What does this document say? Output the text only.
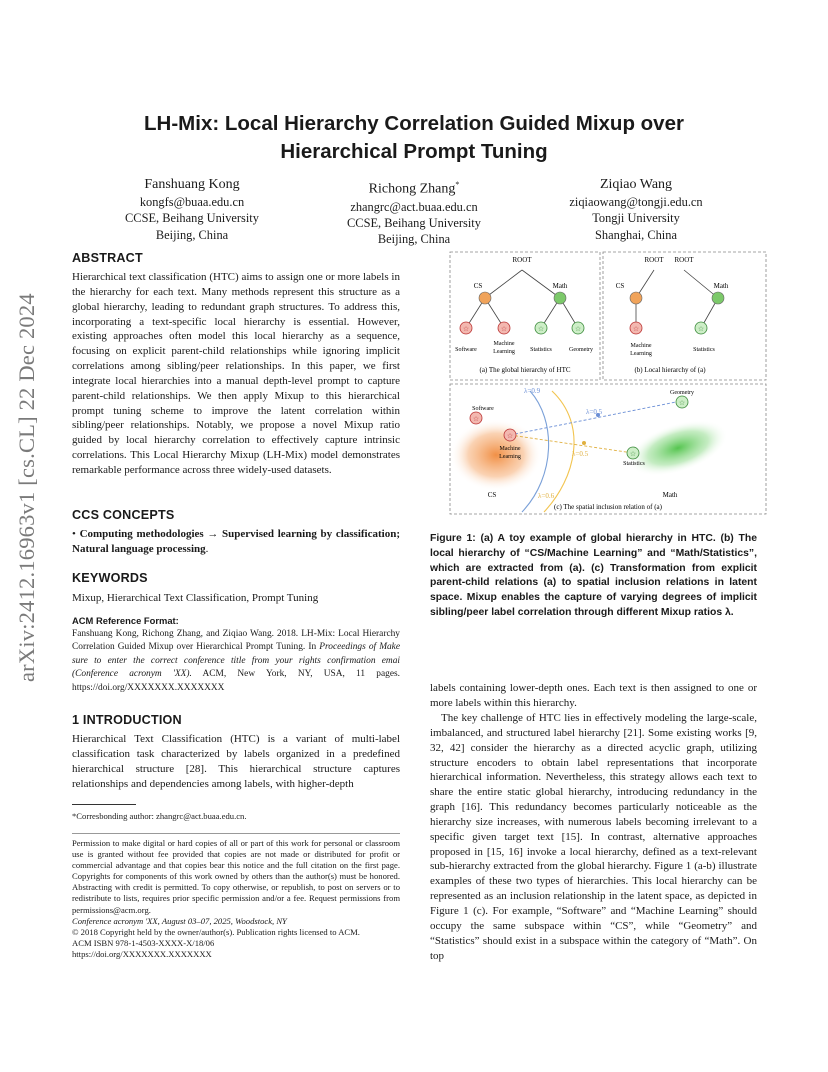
arXiv:2412.16963v1 [cs.CL] 22 Dec 2024
LH-Mix: Local Hierarchy Correlation Guided Mixup over
Hierarchical Prompt Tuning
Fanshuang Kong
kongfs@buaa.edu.cn
CCSE, Beihang University
Beijing, China
Richong Zhang*
zhangrc@act.buaa.edu.cn
CCSE, Beihang University
Beijing, China
Ziqiao Wang
ziqiaowang@tongji.edu.cn
Tongji University
Shanghai, China
ABSTRACT

Hierarchical text classification (HTC) aims to assign one or more labels in the hierarchy for each text. Many methods represent this structure as a global hierarchy, leading to redundant graph structures. To address this, incorporating a text-specific local hierarchy is essential. However, existing approaches often model this local hierarchy as a sequence, focusing on explicit parent-child relationships while ignoring implicit correlations among sibling/peer relationships. In this paper, we first integrate local hierarchies into a manual depth-level prompt to capture parent-child relationships. We then apply Mixup to this hierarchical prompt tuning scheme to improve the latent correlation within sibling/peer relationships. Notably, we propose a novel Mixup ratio guided by local hierarchy correlation to effectively capture intrinsic correlations. This Local Hierarchy Mixup (LH-Mix) model demonstrates remarkable performance across three widely-used datasets.

CCS CONCEPTS

• Computing methodologies → Supervised learning by classification; Natural language processing.

KEYWORDS

Mixup, Hierarchical Text Classification, Prompt Tuning

ACM Reference Format:

Fanshuang Kong, Richong Zhang, and Ziqiao Wang. 2018. LH-Mix: Local Hierarchy Correlation Guided Mixup over Hierarchical Prompt Tuning. In Proceedings of Make sure to enter the correct conference title from your rights confirmation emai (Conference acronym 'XX). ACM, New York, NY, USA, 11 pages. https://doi.org/XXXXXXX.XXXXXXX

1 INTRODUCTION

Hierarchical Text Classification (HTC) is a variant of multi-label classification task characterized by labels organized in a predefined hierarchical structure [28]. This hierarchical structure captures relationships and dependencies among labels, with higher-depth

*Corresbonding author: zhangrc@act.buaa.edu.cn.

Permission to make digital or hard copies of all or part of this work for personal or classroom use is granted without fee provided that copies are not made or distributed for profit or commercial advantage and that copies bear this notice and the full citation on the first page. Copyrights for components of this work owned by others than the author(s) must be honored. Abstracting with credit is permitted. To copy otherwise, or republish, to post on servers or to redistribute to lists, requires prior specific permission and/or a fee. Request permissions from permissions@acm.org.

Conference acronym 'XX, August 03–07, 2025, Woodstock, NY
© 2018 Copyright held by the owner/author(s). Publication rights licensed to ACM.
ACM ISBN 978-1-4503-XXXX-X/18/06
https://doi.org/XXXXXXX.XXXXXXX
☆	☆	☆	☆
ROOT
CS	Math
Software
Machine
Learning	Statistics	Geometry
(a) The global hierarchy of HTC
☆	☆
ROOT ROOT
CS	Math
Machine
Learning
Statistics
(b) Local hierarchy of (a)
☆
☆
☆
☆
Software
Machine
Learning
Geometry
Statistics
λ=0.9
λ=0.5
λ=0.5
λ=0.6
CS	Math
(c) The spatial inclusion relation of (a)

Figure 1: (a) A toy example of global hierarchy in HTC. (b) The local hierarchy of “CS/Machine Learning” and “Math/Statistics”, which are extracted from (a). (c) Transformation from explicit parent-child relations (a) to spatial inclusion relations in latent space. Mixup enables the capture of varying degrees of implicit sibling/peer label correlation through different Mixup ratios λ.

labels containing lower-depth ones. Each text is then assigned to one or more labels within this hierarchy.

The key challenge of HTC lies in effectively modeling the large-scale, imbalanced, and structured label hierarchy [21]. Some existing works [9, 32, 42] consider the hierarchy as a directed acyclic graph, utilizing structure encoders to obtain label representations that incorporate hierarchical information. Nevertheless, this strategy allows each text to share the entire static global hierarchy, introducing redundancy in the graph [16]. This redundancy becomes particularly noticeable as the hierarchy size increases, with numerous labels becoming irrelevant to a specific given target text [15]. In contrast, alternative approaches proposed in [15, 16] invoke a local hierarchy, defined as a text-relevant sub-hierarchy extracted from the global hierarchy. Figure 1 (a-b) illustrate examples of these two types of hierarchies. This local hierarchy can be represented as an inclusion relationship in the latent space, as depicted in Figure 1 (c). For example, “Software” and “Machine Learning” should occupy the same subspace within “CS”, while “Geometry” and “Statistics” should exist in a subspace within the category of “Math”. On top
